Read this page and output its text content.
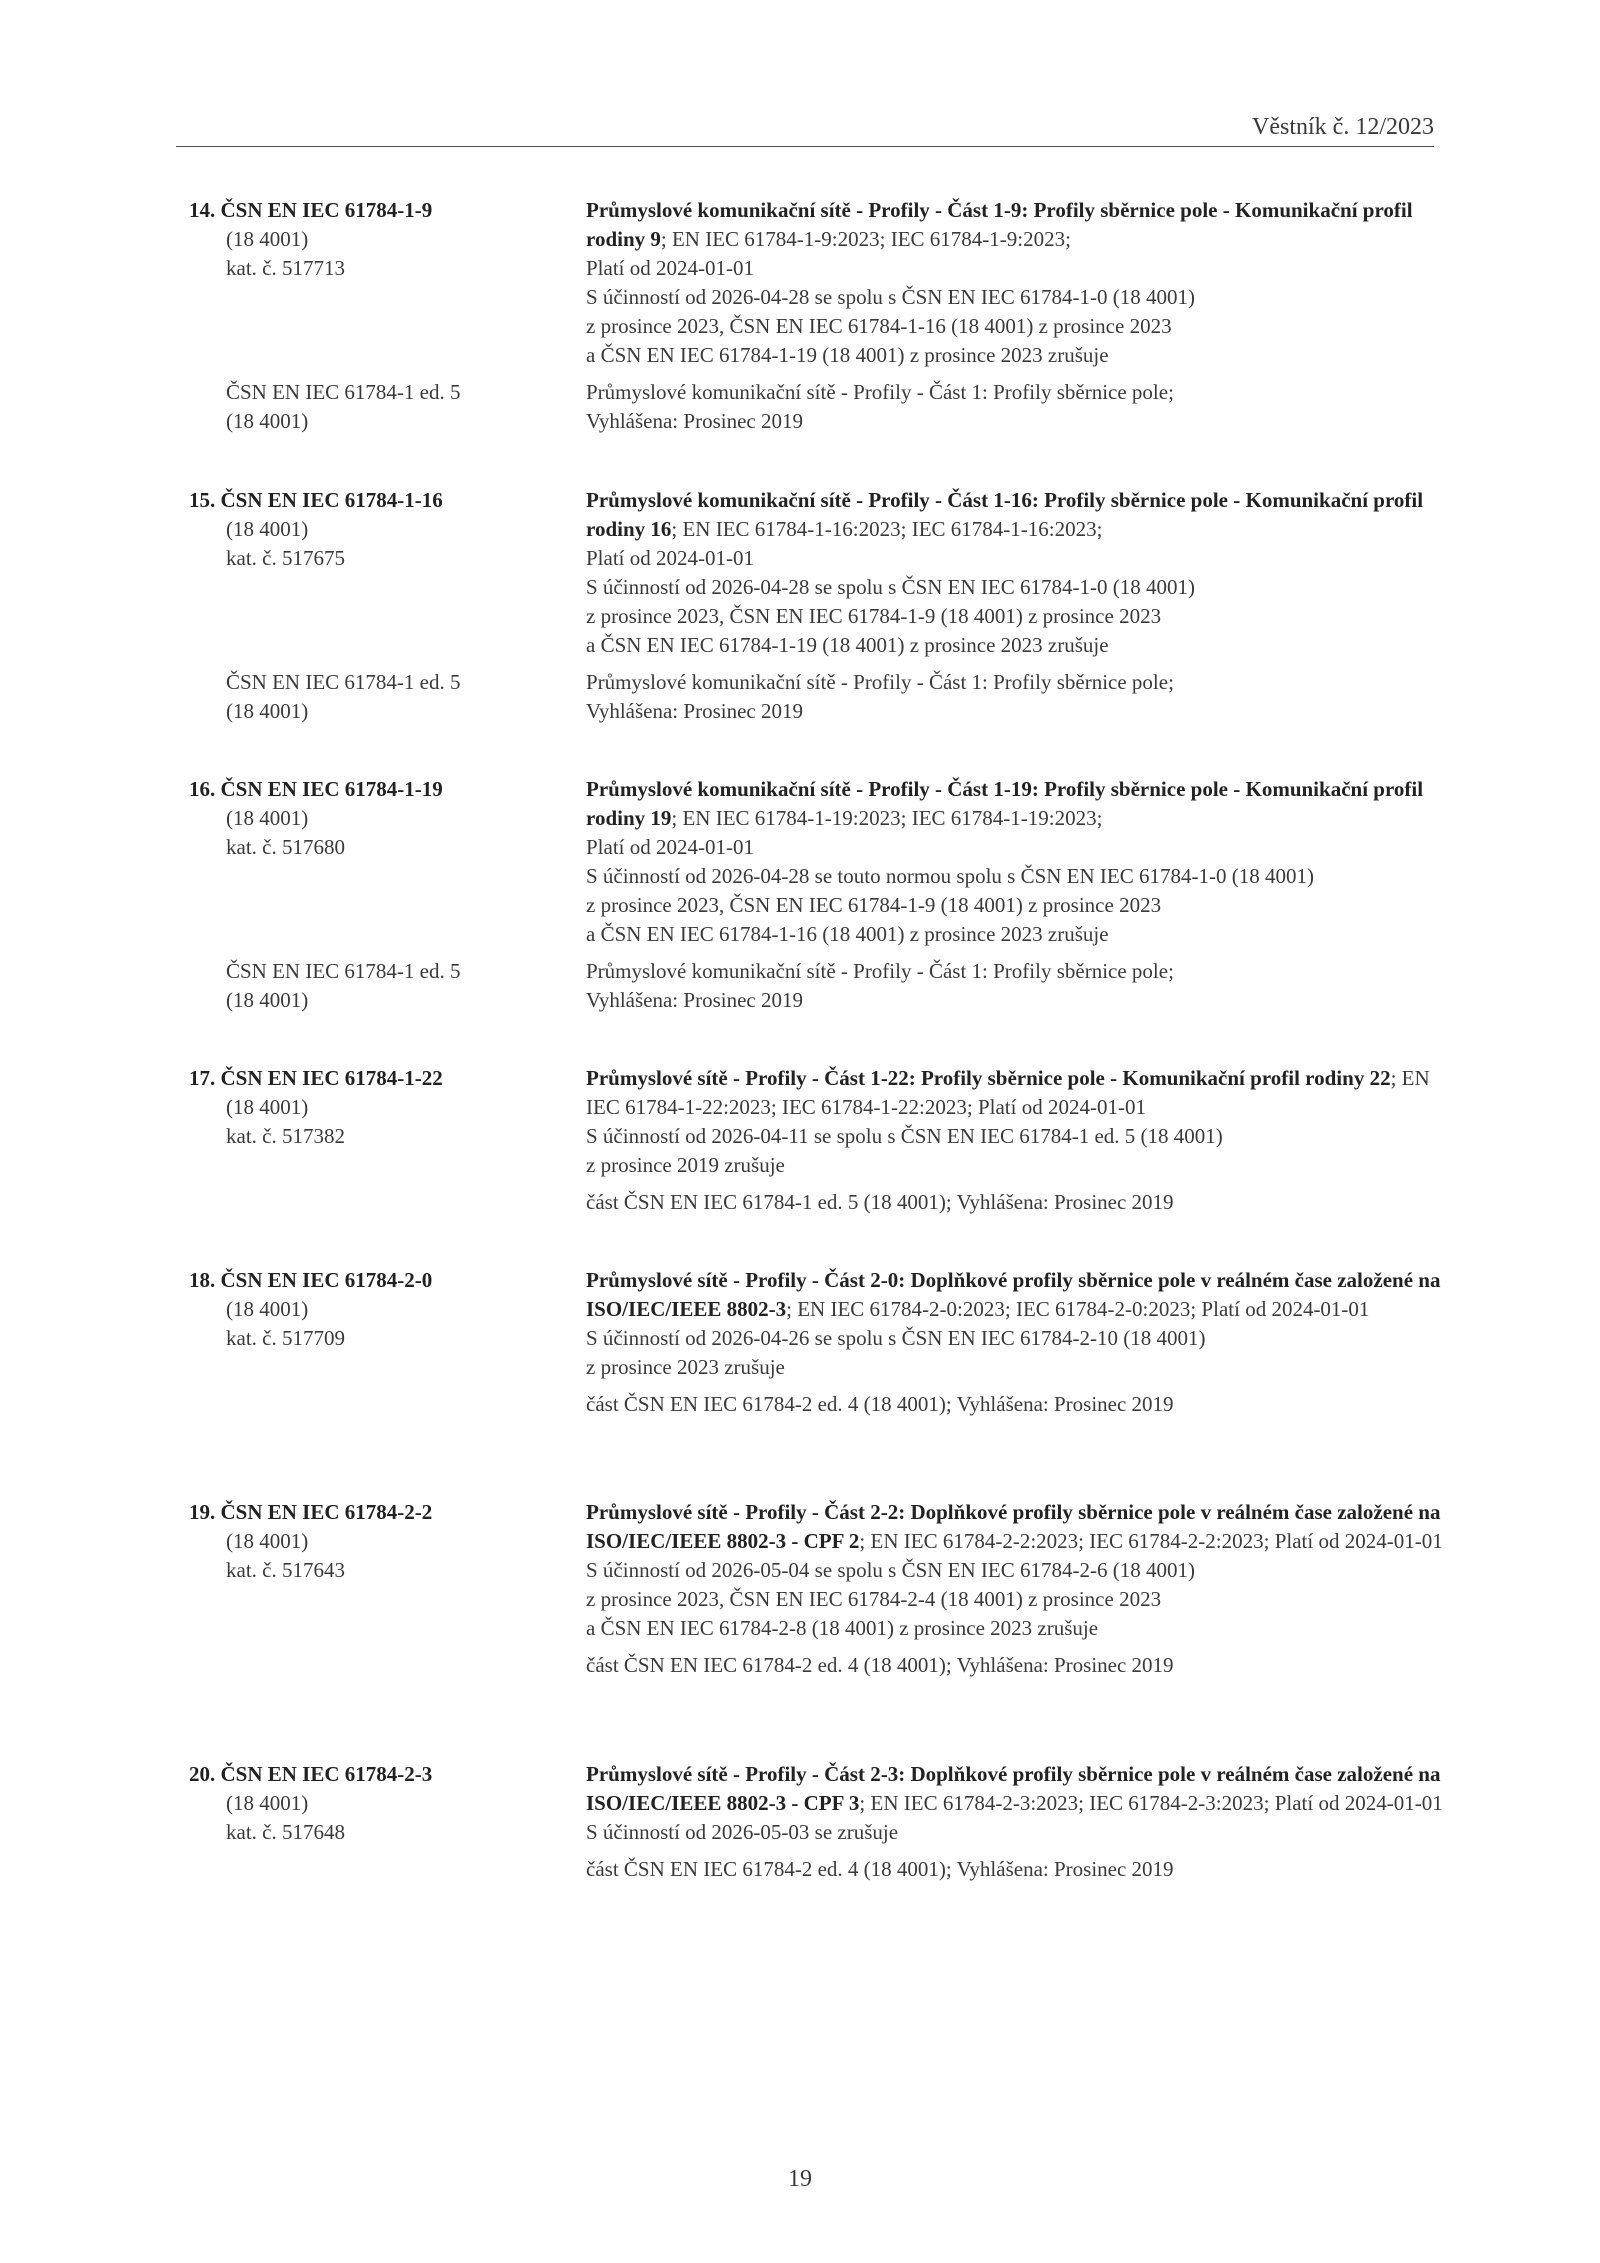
Věstník č. 12/2023
14. ČSN EN IEC 61784-1-9
(18 4001)
kat. č. 517713
Průmyslové komunikační sítě - Profily - Část 1-9: Profily sběrnice pole - Komunikační profil rodiny 9; EN IEC 61784-1-9:2023; IEC 61784-1-9:2023;
Platí od 2024-01-01
S účinností od 2026-04-28 se spolu s ČSN EN IEC 61784-1-0 (18 4001)
z prosince 2023, ČSN EN IEC 61784-1-16 (18 4001) z prosince 2023
a ČSN EN IEC 61784-1-19 (18 4001) z prosince 2023 zrušuje
ČSN EN IEC 61784-1 ed. 5
(18 4001)
Průmyslové komunikační sítě - Profily - Část 1: Profily sběrnice pole;
Vyhlášena: Prosinec 2019
15. ČSN EN IEC 61784-1-16
(18 4001)
kat. č. 517675
Průmyslové komunikační sítě - Profily - Část 1-16: Profily sběrnice pole - Komunikační profil rodiny 16; EN IEC 61784-1-16:2023; IEC 61784-1-16:2023;
Platí od 2024-01-01
S účinností od 2026-04-28 se spolu s ČSN EN IEC 61784-1-0 (18 4001)
z prosince 2023, ČSN EN IEC 61784-1-9 (18 4001) z prosince 2023
a ČSN EN IEC 61784-1-19 (18 4001) z prosince 2023 zrušuje
ČSN EN IEC 61784-1 ed. 5
(18 4001)
Průmyslové komunikační sítě - Profily - Část 1: Profily sběrnice pole;
Vyhlášena: Prosinec 2019
16. ČSN EN IEC 61784-1-19
(18 4001)
kat. č. 517680
Průmyslové komunikační sítě - Profily - Část 1-19: Profily sběrnice pole - Komunikační profil rodiny 19; EN IEC 61784-1-19:2023; IEC 61784-1-19:2023;
Platí od 2024-01-01
S účinností od 2026-04-28 se touto normou spolu s ČSN EN IEC 61784-1-0 (18 4001)
z prosince 2023, ČSN EN IEC 61784-1-9 (18 4001) z prosince 2023
a ČSN EN IEC 61784-1-16 (18 4001) z prosince 2023 zrušuje
ČSN EN IEC 61784-1 ed. 5
(18 4001)
Průmyslové komunikační sítě - Profily - Část 1: Profily sběrnice pole;
Vyhlášena: Prosinec 2019
17. ČSN EN IEC 61784-1-22
(18 4001)
kat. č. 517382
Průmyslové sítě - Profily - Část 1-22: Profily sběrnice pole - Komunikační profil rodiny 22; EN IEC 61784-1-22:2023; IEC 61784-1-22:2023; Platí od 2024-01-01
S účinností od 2026-04-11 se spolu s ČSN EN IEC 61784-1 ed. 5 (18 4001)
z prosince 2019 zrušuje
část ČSN EN IEC 61784-1 ed. 5 (18 4001); Vyhlášena: Prosinec 2019
18. ČSN EN IEC 61784-2-0
(18 4001)
kat. č. 517709
Průmyslové sítě - Profily - Část 2-0: Doplňkové profily sběrnice pole v reálném čase založené na ISO/IEC/IEEE 8802-3; EN IEC 61784-2-0:2023; IEC 61784-2-0:2023; Platí od 2024-01-01
S účinností od 2026-04-26 se spolu s ČSN EN IEC 61784-2-10 (18 4001)
z prosince 2023 zrušuje
část ČSN EN IEC 61784-2 ed. 4 (18 4001); Vyhlášena: Prosinec 2019
19. ČSN EN IEC 61784-2-2
(18 4001)
kat. č. 517643
Průmyslové sítě - Profily - Část 2-2: Doplňkové profily sběrnice pole v reálném čase založené na ISO/IEC/IEEE 8802-3 - CPF 2; EN IEC 61784-2-2:2023; IEC 61784-2-2:2023; Platí od 2024-01-01
S účinností od 2026-05-04 se spolu s ČSN EN IEC 61784-2-6 (18 4001)
z prosince 2023, ČSN EN IEC 61784-2-4 (18 4001) z prosince 2023
a ČSN EN IEC 61784-2-8 (18 4001) z prosince 2023 zrušuje
část ČSN EN IEC 61784-2 ed. 4 (18 4001); Vyhlášena: Prosinec 2019
20. ČSN EN IEC 61784-2-3
(18 4001)
kat. č. 517648
Průmyslové sítě - Profily - Část 2-3: Doplňkové profily sběrnice pole v reálném čase založené na ISO/IEC/IEEE 8802-3 - CPF 3; EN IEC 61784-2-3:2023; IEC 61784-2-3:2023; Platí od 2024-01-01
S účinností od 2026-05-03 se zrušuje
část ČSN EN IEC 61784-2 ed. 4 (18 4001); Vyhlášena: Prosinec 2019
19
